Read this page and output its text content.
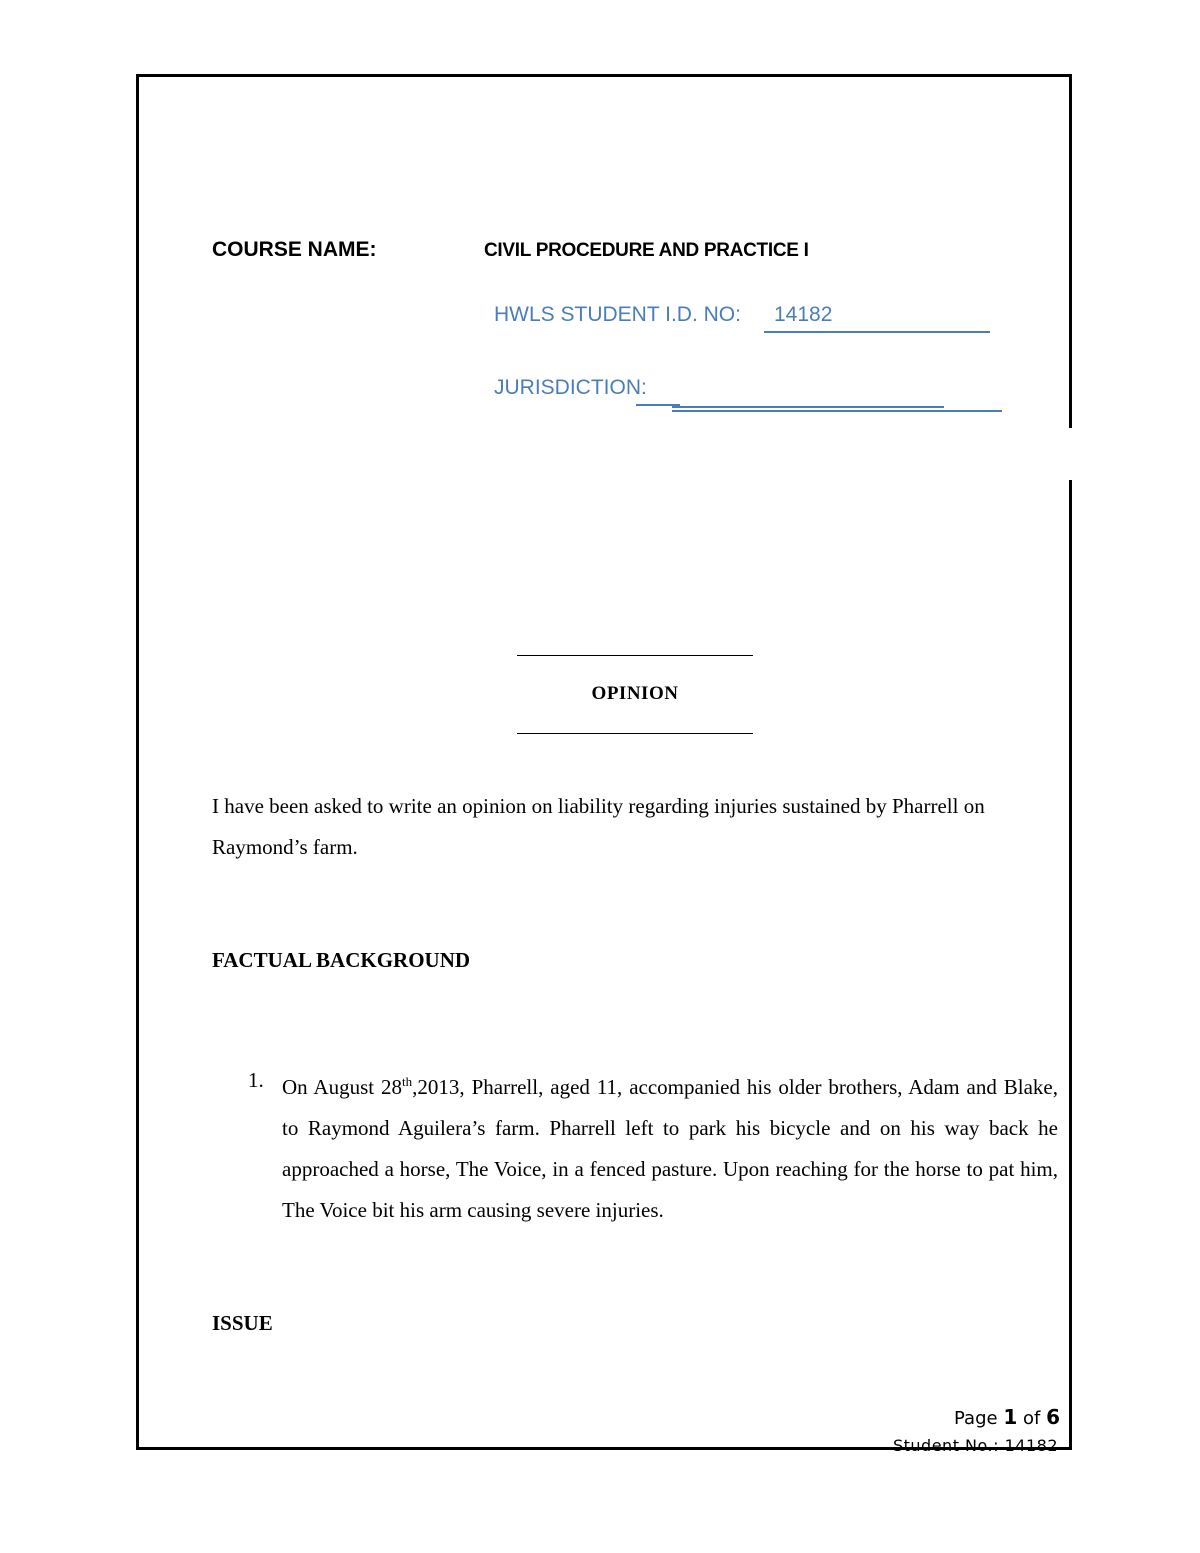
COURSE NAME:	CIVIL PROCEDURE AND PRACTICE I
HWLS STUDENT I.D. NO: 14182
JURISDICTION:
OPINION
I have been asked to write an opinion on liability regarding injuries sustained by Pharrell on Raymond’s farm.
FACTUAL BACKGROUND
1. On August 28th,2013, Pharrell, aged 11, accompanied his older brothers, Adam and Blake, to Raymond Aguilera’s farm. Pharrell left to park his bicycle and on his way back he approached a horse, The Voice, in a fenced pasture. Upon reaching for the horse to pat him, The Voice bit his arm causing severe injuries.
ISSUE
Page 1 of 6
Student No.: 14182
